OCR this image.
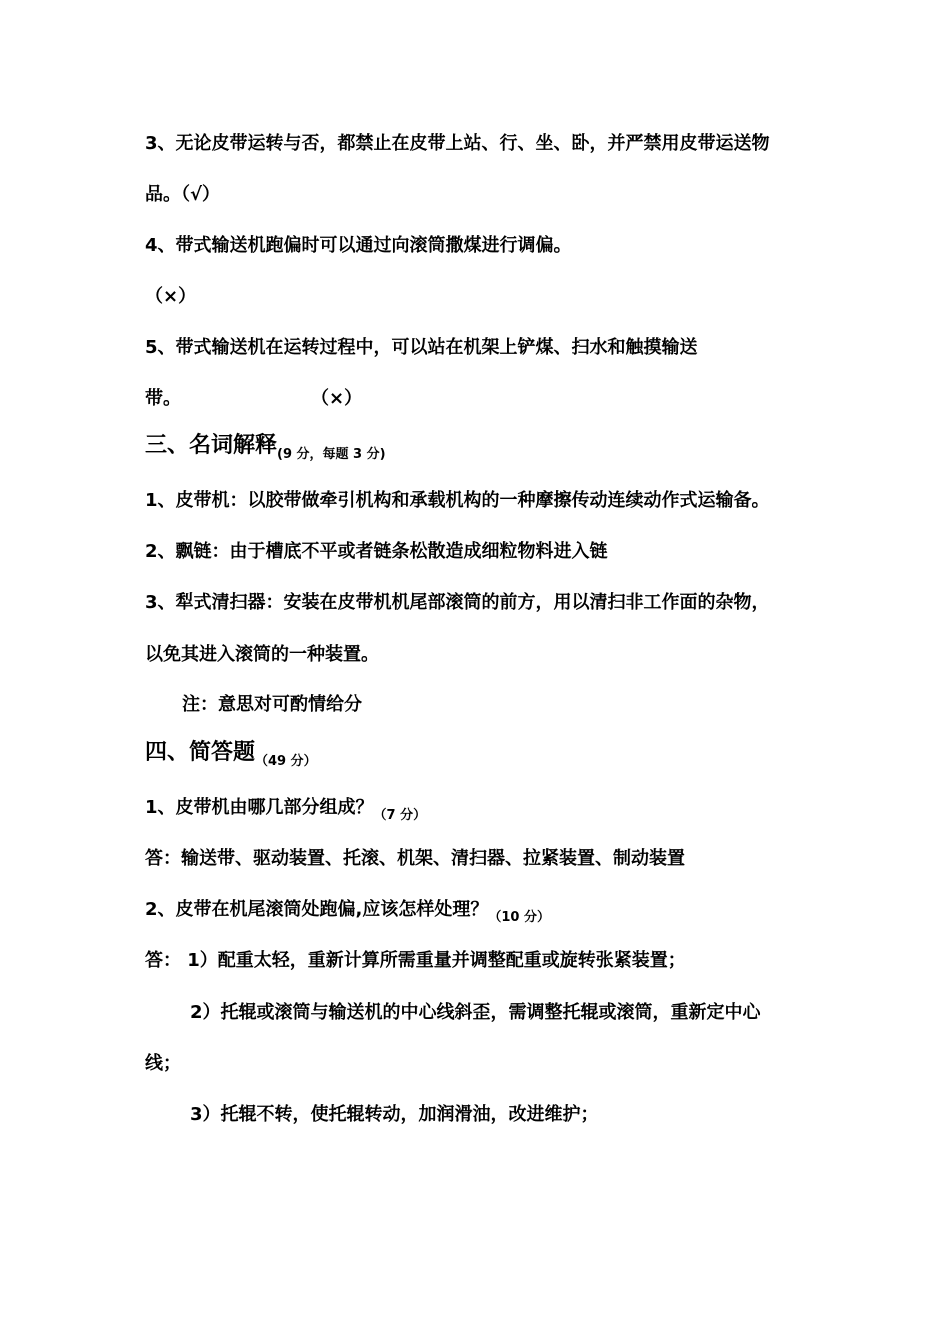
3、无论皮带运转与否，都禁止在皮带上站、行、坐、卧，并严禁用皮带运送物
品。（√）
4、带式输送机跑偏时可以通过向滚筒撒煤进行调偏。
（×）
5、带式输送机在运转过程中，可以站在机架上铲煤、扫水和触摸输送
带。	（×）
三、名词解释$_{(9 分,每题 3 分)}$
1、皮带机：以胶带做牵引机构和承载机构的一种摩擦传动连续动作式运输备。
2、飘链：由于槽底不平或者链条松散造成细粒物料进入链
3、犁式清扫器：安装在皮带机机尾部滚筒的前方，用以清扫非工作面的杂物，
以免其进入滚筒的一种装置。
注：意思对可酌情给分
四、简答题$_{(49 分)}$
1、皮带机由哪几部分组成？$_{(7 分)}$
答：输送带、驱动装置、托滚、机架、清扫器、拉紧装置、制动装置
2、皮带在机尾滚筒处跑偏,应该怎样处理？$_{(10 分)}$
答： 1）配重太轻，重新计算所需重量并调整配重或旋转张紧装置；
2）托辊或滚筒与输送机的中心线斜歪，需调整托辊或滚筒，重新定中心
线；
3）托辊不转，使托辊转动，加润滑油，改进维护；
